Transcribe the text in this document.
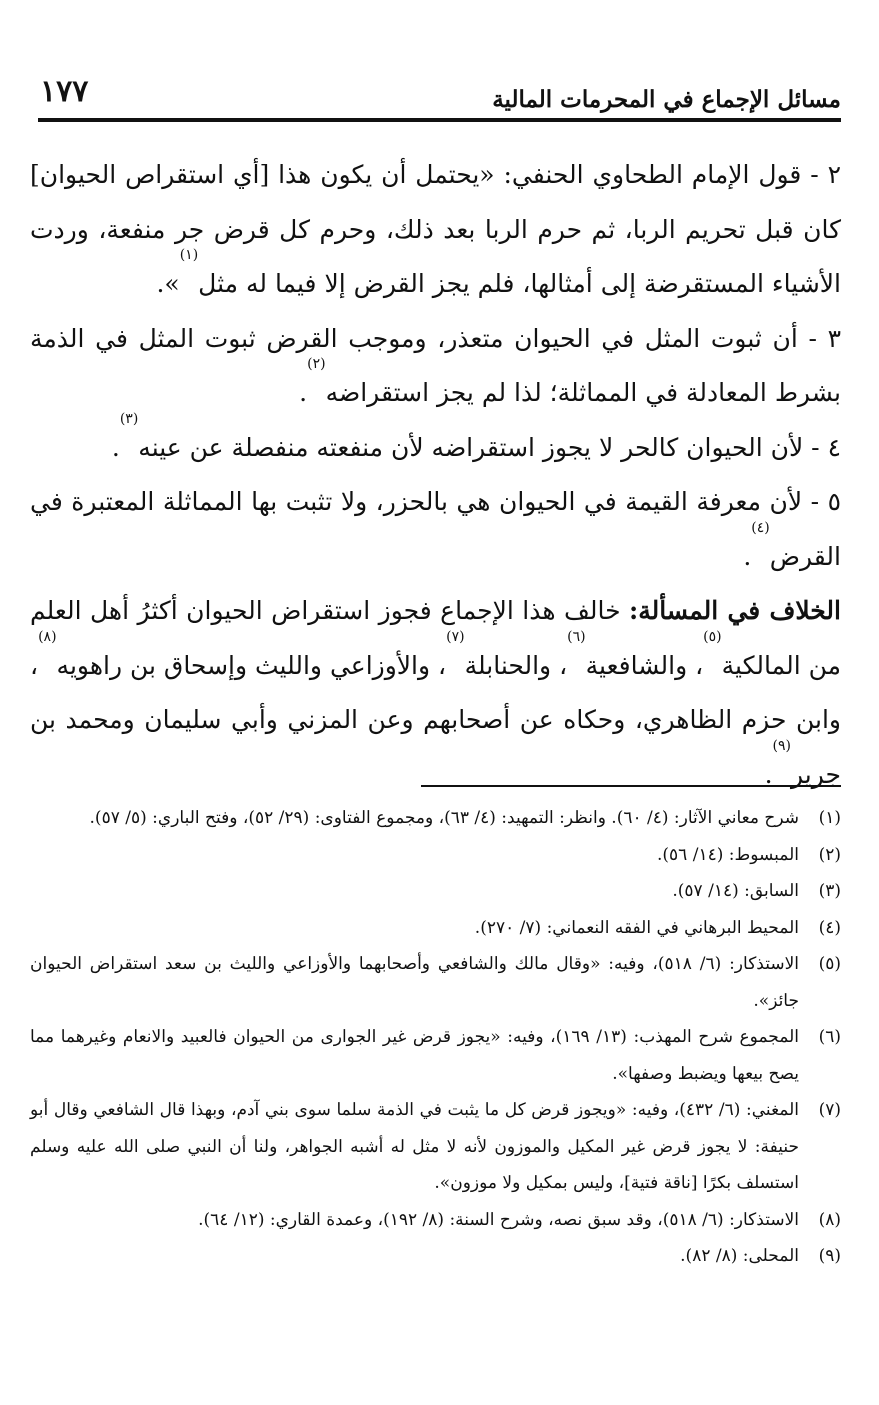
١٧٧	مسائل الإجماع في المحرمات المالية

٢ - قول الإمام الطحاوي الحنفي: «يحتمل أن يكون هذا [أي استقراص الحيوان] كان قبل تحريم الربا، ثم حرم الربا بعد ذلك، وحرم كل قرض جر منفعة، وردت الأشياء المستقرضة إلى أمثالها، فلم يجز القرض إلا فيما له مثل$^{(١)}$».

٣ - أن ثبوت المثل في الحيوان متعذر، وموجب القرض ثبوت المثل في الذمة بشرط المعادلة في المماثلة؛ لذا لم يجز استقراضه$^{(٢)}$.

٤ - لأن الحيوان كالحر لا يجوز استقراضه لأن منفعته منفصلة عن عينه$^{(٣)}$.

٥ - لأن معرفة القيمة في الحيوان هي بالحزر، ولا تثبت بها المماثلة المعتبرة في القرض$^{(٤)}$.

الخلاف في المسألة: خالف هذا الإجماع فجوز استقراض الحيوان أكثرُ أهل العلم من المالكية$^{(٥)}$، والشافعية$^{(٦)}$، والحنابلة$^{(٧)}$، والأوزاعي والليث وإسحاق بن راهويه$^{(٨)}$، وابن حزم الظاهري، وحكاه عن أصحابهم وعن المزني وأبي سليمان ومحمد بن جرير$^{(٩)}$.

(١)
شرح معاني الآثار: (٤/ ٦٠). وانظر: التمهيد: (٤/ ٦٣)، ومجموع الفتاوى: (٢٩/ ٥٢)، وفتح الباري: (٥/ ٥٧).
(٢)
المبسوط: (١٤/ ٥٦).
(٣)
السابق: (١٤/ ٥٧).
(٤)
المحيط البرهاني في الفقه النعماني: (٧/ ٢٧٠).
(٥)
الاستذكار: (٦/ ٥١٨)، وفيه: «وقال مالك والشافعي وأصحابهما والأوزاعي والليث بن سعد استقراض الحيوان جائز».
(٦)
المجموع شرح المهذب: (١٣/ ١٦٩)، وفيه: «يجوز قرض غير الجوارى من الحيوان فالعبيد والانعام وغيرهما مما يصح بيعها ويضبط وصفها».
(٧)
المغني: (٦/ ٤٣٢)، وفيه: «ويجوز قرض كل ما يثبت في الذمة سلما سوى بني آدم، وبهذا قال الشافعي وقال أبو حنيفة: لا يجوز قرض غير المكيل والموزون لأنه لا مثل له أشبه الجواهر، ولنا أن النبي صلى الله عليه وسلم استسلف بكرًا [ناقة فتية]، وليس بمكيل ولا موزون».
(٨)
الاستذكار: (٦/ ٥١٨)، وقد سبق نصه، وشرح السنة: (٨/ ١٩٢)، وعمدة القاري: (١٢/ ٦٤).
(٩)
المحلى: (٨/ ٨٢).
